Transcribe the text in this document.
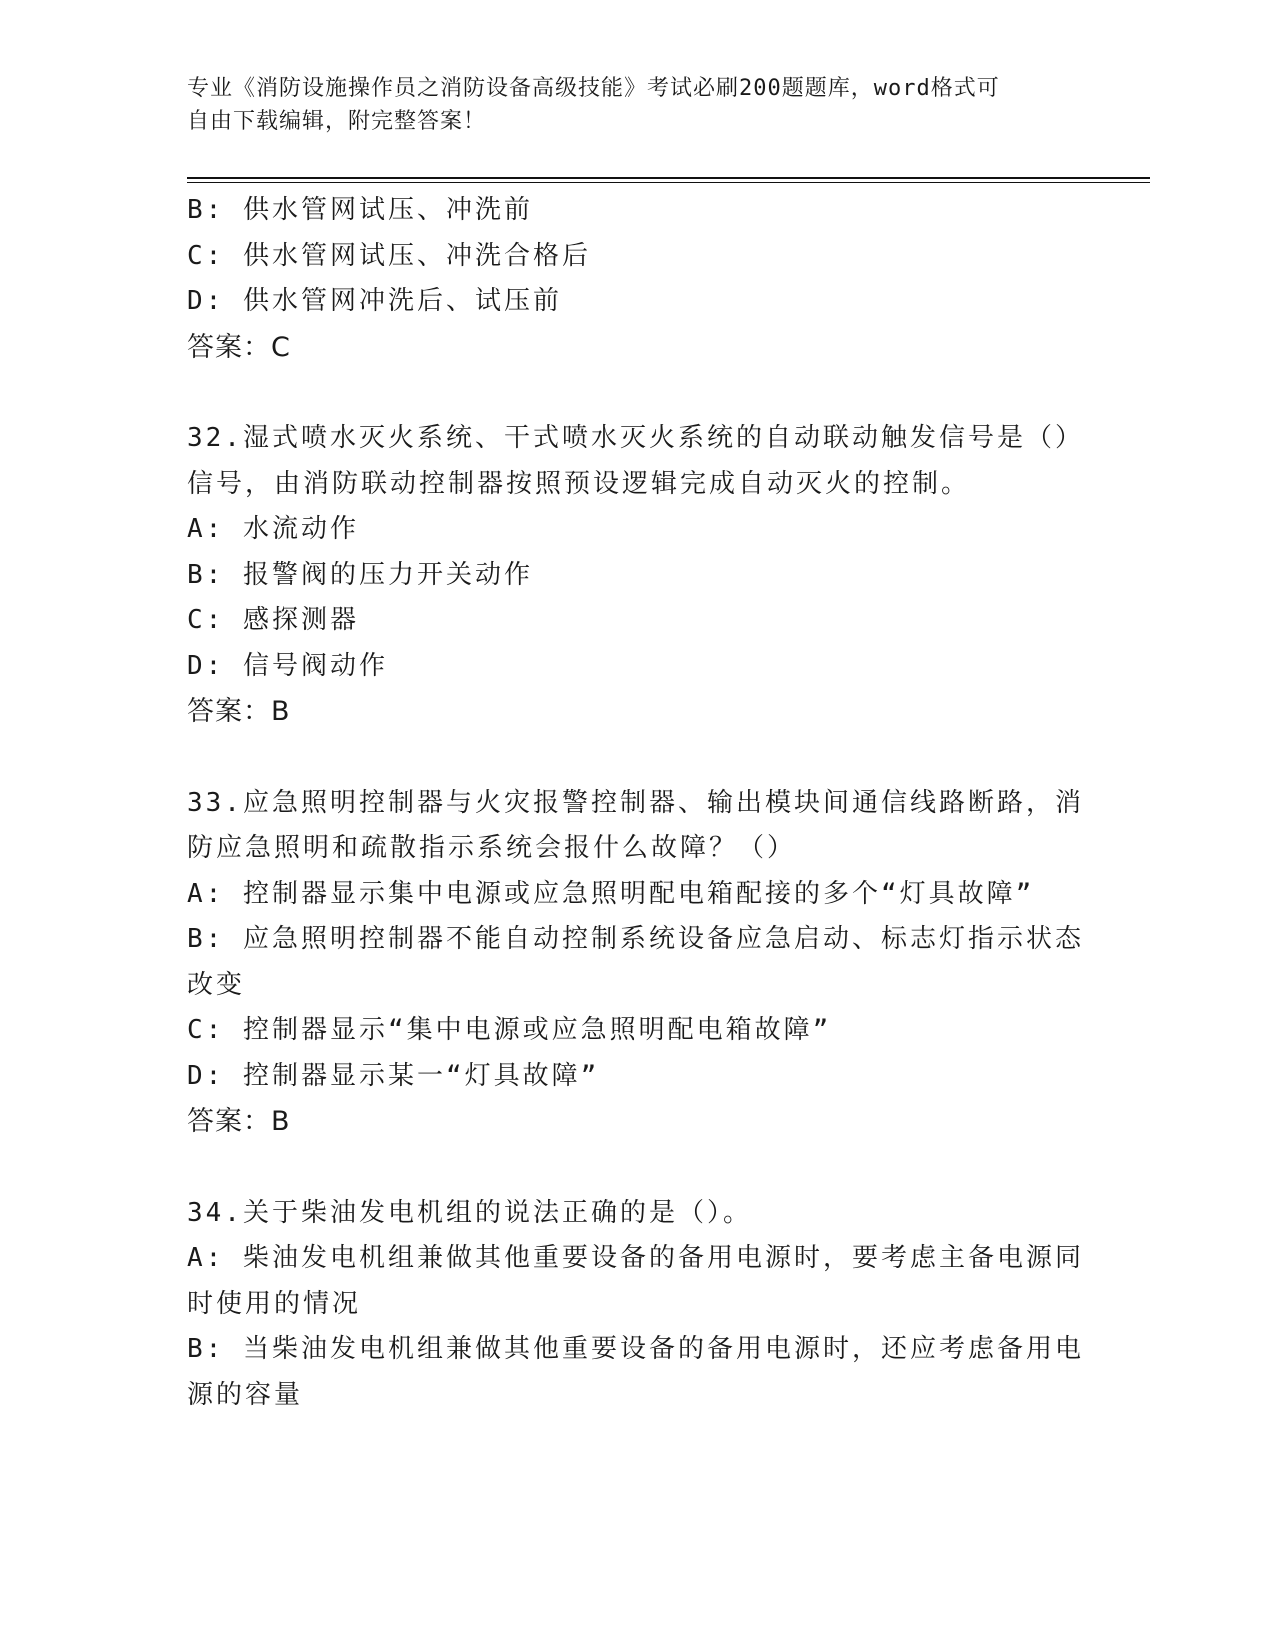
专业《消防设施操作员之消防设备高级技能》考试必刷200题题库，word格式可
自由下载编辑，附完整答案！
B: 供水管网试压、冲洗前
C: 供水管网试压、冲洗合格后
D: 供水管网冲洗后、试压前
答案：C
32.湿式喷水灭火系统、干式喷水灭火系统的自动联动触发信号是（）
信号，由消防联动控制器按照预设逻辑完成自动灭火的控制。
A: 水流动作
B: 报警阀的压力开关动作
C: 感探测器
D: 信号阀动作
答案：B
33.应急照明控制器与火灾报警控制器、输出模块间通信线路断路，消
防应急照明和疏散指示系统会报什么故障？（）
A: 控制器显示集中电源或应急照明配电箱配接的多个“灯具故障”
B: 应急照明控制器不能自动控制系统设备应急启动、标志灯指示状态
改变
C: 控制器显示“集中电源或应急照明配电箱故障”
D: 控制器显示某一“灯具故障”
答案：B
34.关于柴油发电机组的说法正确的是（）。
A: 柴油发电机组兼做其他重要设备的备用电源时，要考虑主备电源同
时使用的情况
B: 当柴油发电机组兼做其他重要设备的备用电源时，还应考虑备用电
源的容量
